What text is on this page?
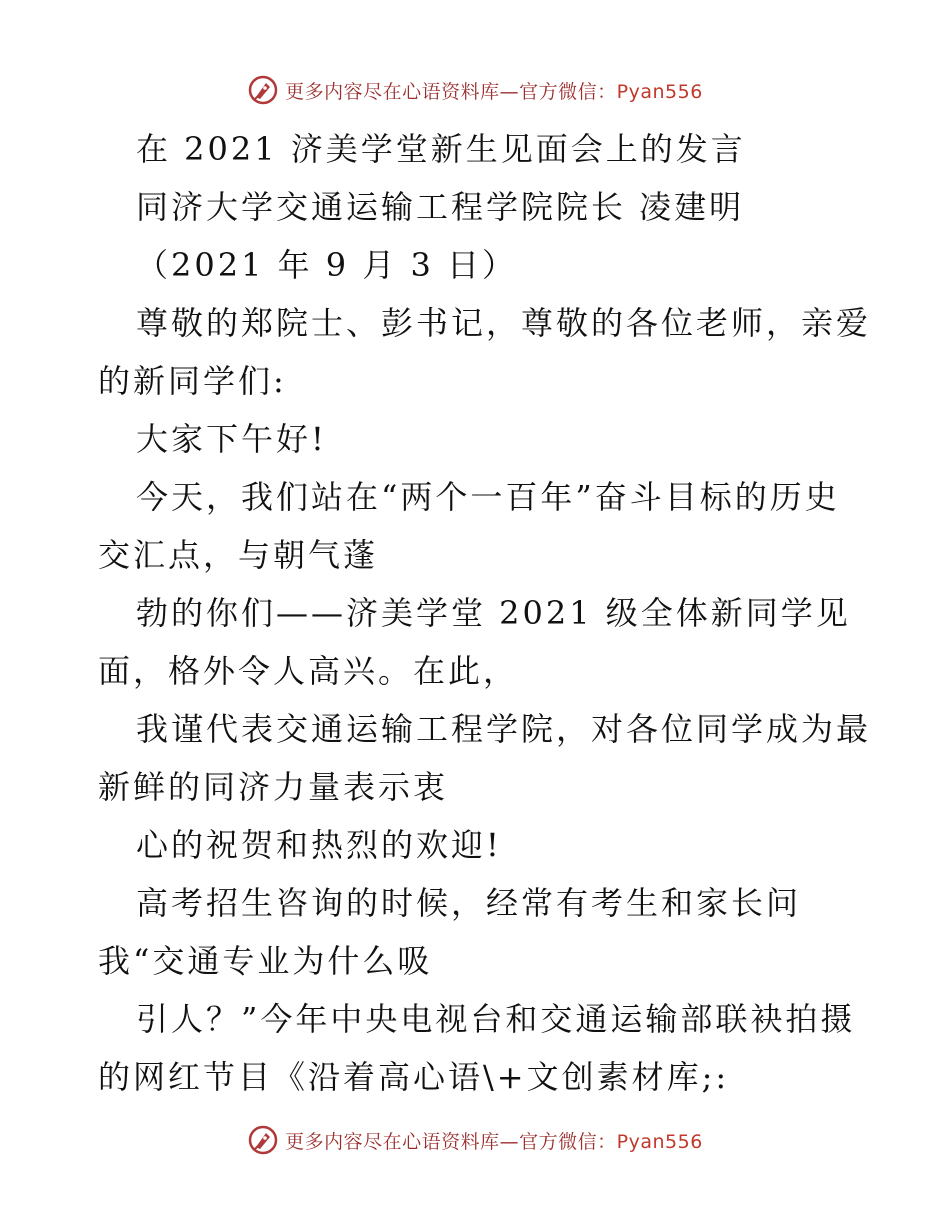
更多内容尽在心语资料库—官方微信：Pyan556
在 2021 济美学堂新生见面会上的发言
同济大学交通运输工程学院院长 凌建明
（2021 年 9 月 3 日）
尊敬的郑院士、彭书记，尊敬的各位老师，亲爱
的新同学们:
大家下午好!
今天，我们站在“两个一百年”奋斗目标的历史
交汇点，与朝气蓬
勃的你们——济美学堂 2021 级全体新同学见
面，格外令人高兴。在此，
我谨代表交通运输工程学院，对各位同学成为最
新鲜的同济力量表示衷
心的祝贺和热烈的欢迎!
高考招生咨询的时候，经常有考生和家长问
我“交通专业为什么吸
引人？”今年中央电视台和交通运输部联袂拍摄
的网红节目《沿着高心语\+文创素材库;:
更多内容尽在心语资料库—官方微信：Pyan556
